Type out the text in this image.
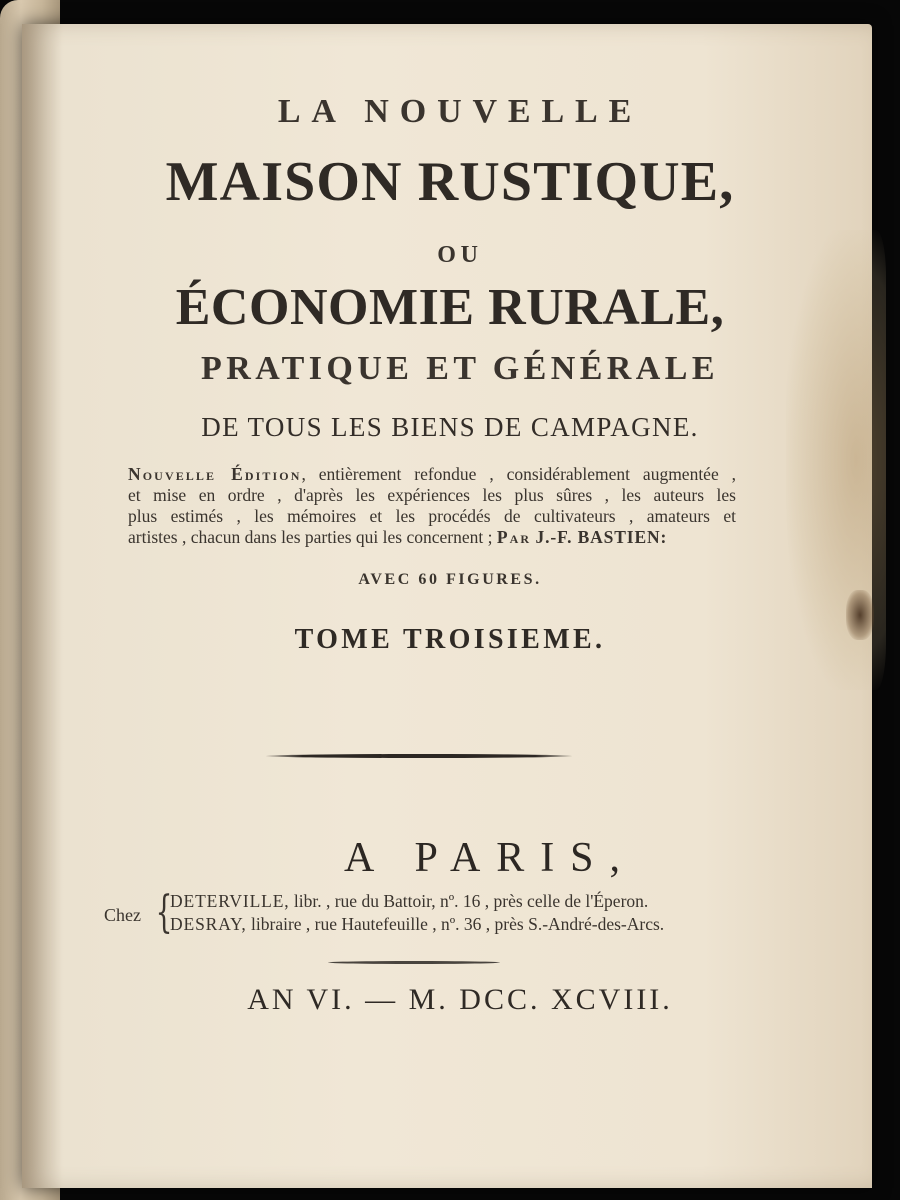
LA NOUVELLE
MAISON RUSTIQUE,
OU
ÉCONOMIE RURALE,
PRATIQUE ET GÉNÉRALE
DE TOUS LES BIENS DE CAMPAGNE.

Nouvelle Édition, entièrement refondue , considérablement augmentée ,

et mise en ordre , d'après les expériences les plus sûres , les auteurs les

plus estimés , les mémoires et les procédés de cultivateurs , amateurs et

artistes , chacun dans les parties qui les concernent ; Par J.-F. BASTIEN:

AVEC 60 FIGURES.
TOME TROISIEME.
A PARIS,
Chez {
DETERVILLE, libr. , rue du Battoir, nº. 16 , près celle de l'Éperon.
DESRAY, libraire , rue Hautefeuille , nº. 36 , près S.-André-des-Arcs.
AN VI. — M. DCC. XCVIII.
